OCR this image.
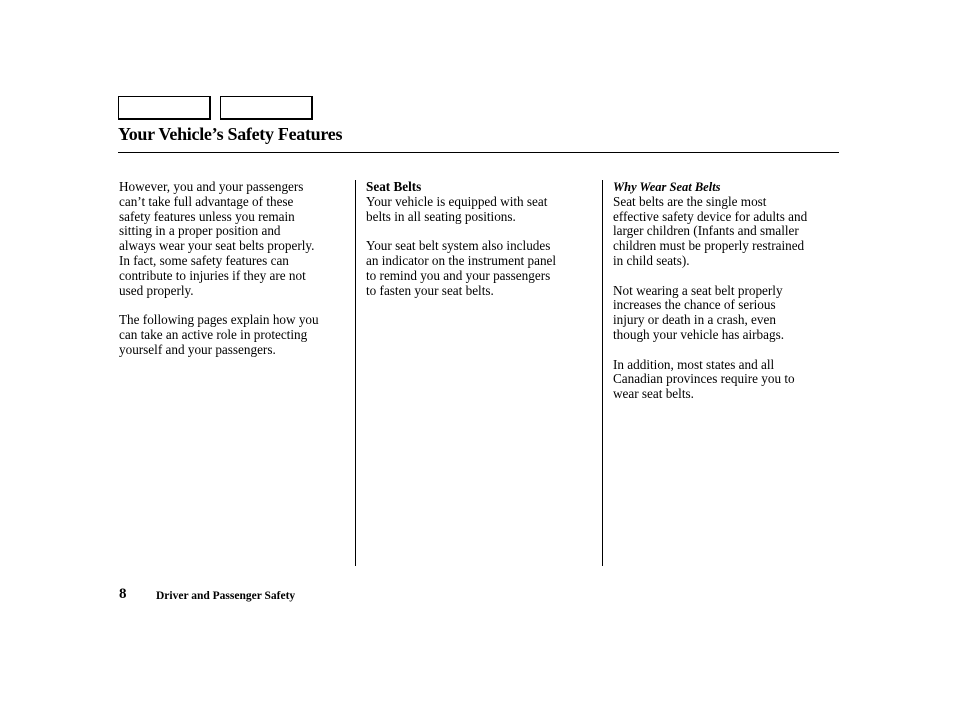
Your Vehicle’s Safety Features

However, you and your passengers
can’t take full advantage of these
safety features unless you remain
sitting in a proper position and
always wear your seat belts properly.
In fact, some safety features can
contribute to injuries if they are not
used properly.

The following pages explain how you
can take an active role in protecting
yourself and your passengers.

Seat Belts

Your vehicle is equipped with seat
belts in all seating positions.

Your seat belt system also includes
an indicator on the instrument panel
to remind you and your passengers
to fasten your seat belts.

Why Wear Seat Belts

Seat belts are the single most
effective safety device for adults and
larger children (Infants and smaller
children must be properly restrained
in child seats).

Not wearing a seat belt properly
increases the chance of serious
injury or death in a crash, even
though your vehicle has airbags.

In addition, most states and all
Canadian provinces require you to
wear seat belts.

8	Driver and Passenger Safety
